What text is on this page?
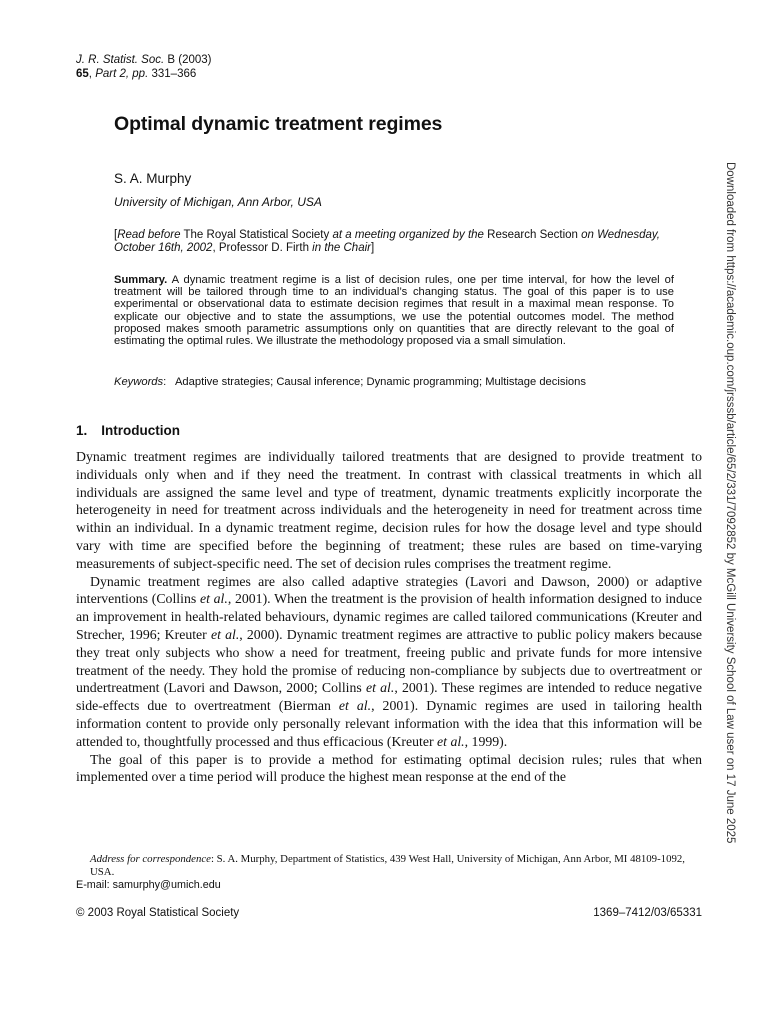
J. R. Statist. Soc. B (2003)
65, Part 2, pp. 331–366
Optimal dynamic treatment regimes
S. A. Murphy
University of Michigan, Ann Arbor, USA
[Read before The Royal Statistical Society at a meeting organized by the Research Section on Wednesday, October 16th, 2002, Professor D. Firth in the Chair]
Summary. A dynamic treatment regime is a list of decision rules, one per time interval, for how the level of treatment will be tailored through time to an individual’s changing status. The goal of this paper is to use experimental or observational data to estimate decision regimes that result in a maximal mean response. To explicate our objective and to state the assumptions, we use the potential outcomes model. The method proposed makes smooth parametric assumptions only on quantities that are directly relevant to the goal of estimating the optimal rules. We illustrate the methodology proposed via a small simulation.
Keywords: Adaptive strategies; Causal inference; Dynamic programming; Multistage decisions
1. Introduction

Dynamic treatment regimes are individually tailored treatments that are designed to provide treatment to individuals only when and if they need the treatment. In contrast with classical treatments in which all individuals are assigned the same level and type of treatment, dynamic treatments explicitly incorporate the heterogeneity in need for treatment across individuals and the heterogeneity in need for treatment across time within an individual. In a dynamic treatment regime, decision rules for how the dosage level and type should vary with time are specified before the beginning of treatment; these rules are based on time-varying measurements of subject-specific need. The set of decision rules comprises the treatment regime.

Dynamic treatment regimes are also called adaptive strategies (Lavori and Dawson, 2000) or adaptive interventions (Collins et al., 2001). When the treatment is the provision of health information designed to induce an improvement in health-related behaviours, dynamic regimes are called tailored communications (Kreuter and Strecher, 1996; Kreuter et al., 2000). Dynamic treatment regimes are attractive to public policy makers because they treat only subjects who show a need for treatment, freeing public and private funds for more intensive treatment of the needy. They hold the promise of reducing non-compliance by subjects due to overtreatment or undertreatment (Lavori and Dawson, 2000; Collins et al., 2001). These regimes are intended to reduce negative side-effects due to overtreatment (Bierman et al., 2001). Dynamic regimes are used in tailoring health information content to provide only personally relevant information with the idea that this information will be attended to, thoughtfully processed and thus efficacious (Kreuter et al., 1999).

The goal of this paper is to provide a method for estimating optimal decision rules; rules that when implemented over a time period will produce the highest mean response at the end of the

Address for correspondence: S. A. Murphy, Department of Statistics, 439 West Hall, University of Michigan, Ann Arbor, MI 48109-1092, USA.
E-mail: samurphy@umich.edu
© 2003 Royal Statistical Society	1369–7412/03/65331
Downloaded from https://academic.oup.com/jrsssb/article/65/2/331/7092852 by McGill University School of Law user on 17 June 2025
